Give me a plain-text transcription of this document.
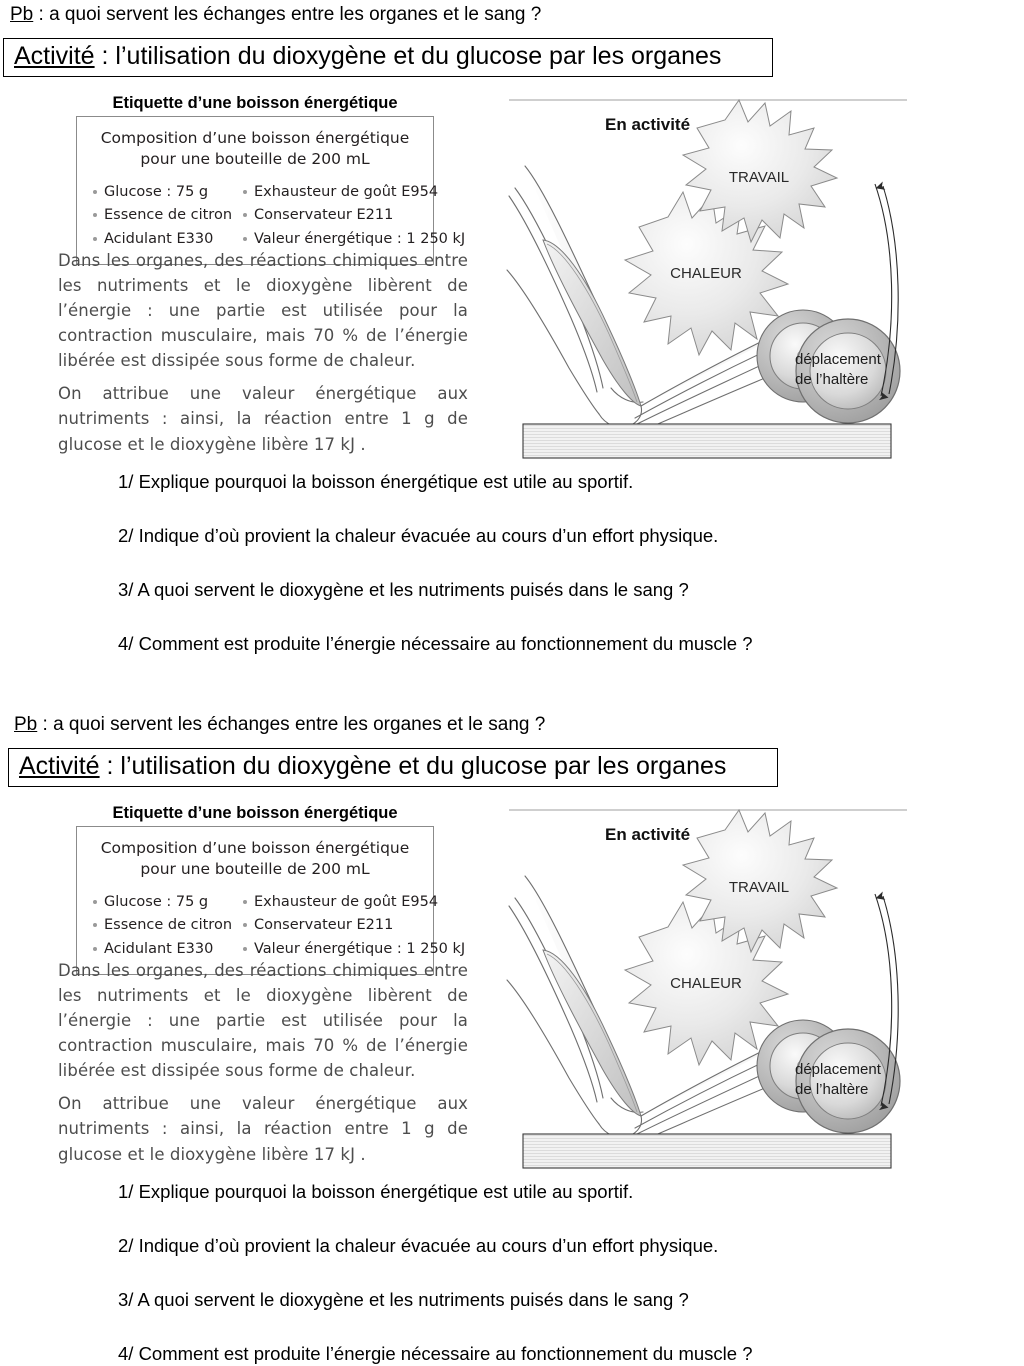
Pb : a quoi servent les échanges entre les organes et le sang ?
Activité : l’utilisation du dioxygène et du glucose par les organes
Etiquette d’une boisson énergétique
Composition d’une boisson énergétique
pour une bouteille de 200 mL
Glucose : 75 g
Essence de citron
Acidulant E330
Exhausteur de goût E954
Conservateur E211
Valeur énergétique : 1 250 kJ

Dans les organes, des réactions chimiques entre les nutriments et le dioxygène libèrent de l’énergie : une partie est utilisée pour la contraction musculaire, mais 70 % de l’énergie libérée est dissipée sous forme de chaleur.

On attribue une valeur énergétique aux nutriments : ainsi, la réaction entre 1 g de glucose et le dioxygène libère 17 kJ .

CHALEUR
TRAVAIL
En activité
déplacement
de l’haltère
1/ Explique pourquoi la boisson énergétique est utile au sportif.
2/ Indique d’où provient la chaleur évacuée au cours d’un effort physique.
3/ A quoi servent le dioxygène et les nutriments puisés dans le sang ?
4/ Comment est produite l’énergie nécessaire au fonctionnement du muscle ?
Pb : a quoi servent les échanges entre les organes et le sang ?
Activité : l’utilisation du dioxygène et du glucose par les organes
Etiquette d’une boisson énergétique
Composition d’une boisson énergétique
pour une bouteille de 200 mL
Glucose : 75 g
Essence de citron
Acidulant E330
Exhausteur de goût E954
Conservateur E211
Valeur énergétique : 1 250 kJ

Dans les organes, des réactions chimiques entre les nutriments et le dioxygène libèrent de l’énergie : une partie est utilisée pour la contraction musculaire, mais 70 % de l’énergie libérée est dissipée sous forme de chaleur.

On attribue une valeur énergétique aux nutriments : ainsi, la réaction entre 1 g de glucose et le dioxygène libère 17 kJ .

CHALEUR
TRAVAIL
En activité
déplacement
de l’haltère
1/ Explique pourquoi la boisson énergétique est utile au sportif.
2/ Indique d’où provient la chaleur évacuée au cours d’un effort physique.
3/ A quoi servent le dioxygène et les nutriments puisés dans le sang ?
4/ Comment est produite l’énergie nécessaire au fonctionnement du muscle ?
